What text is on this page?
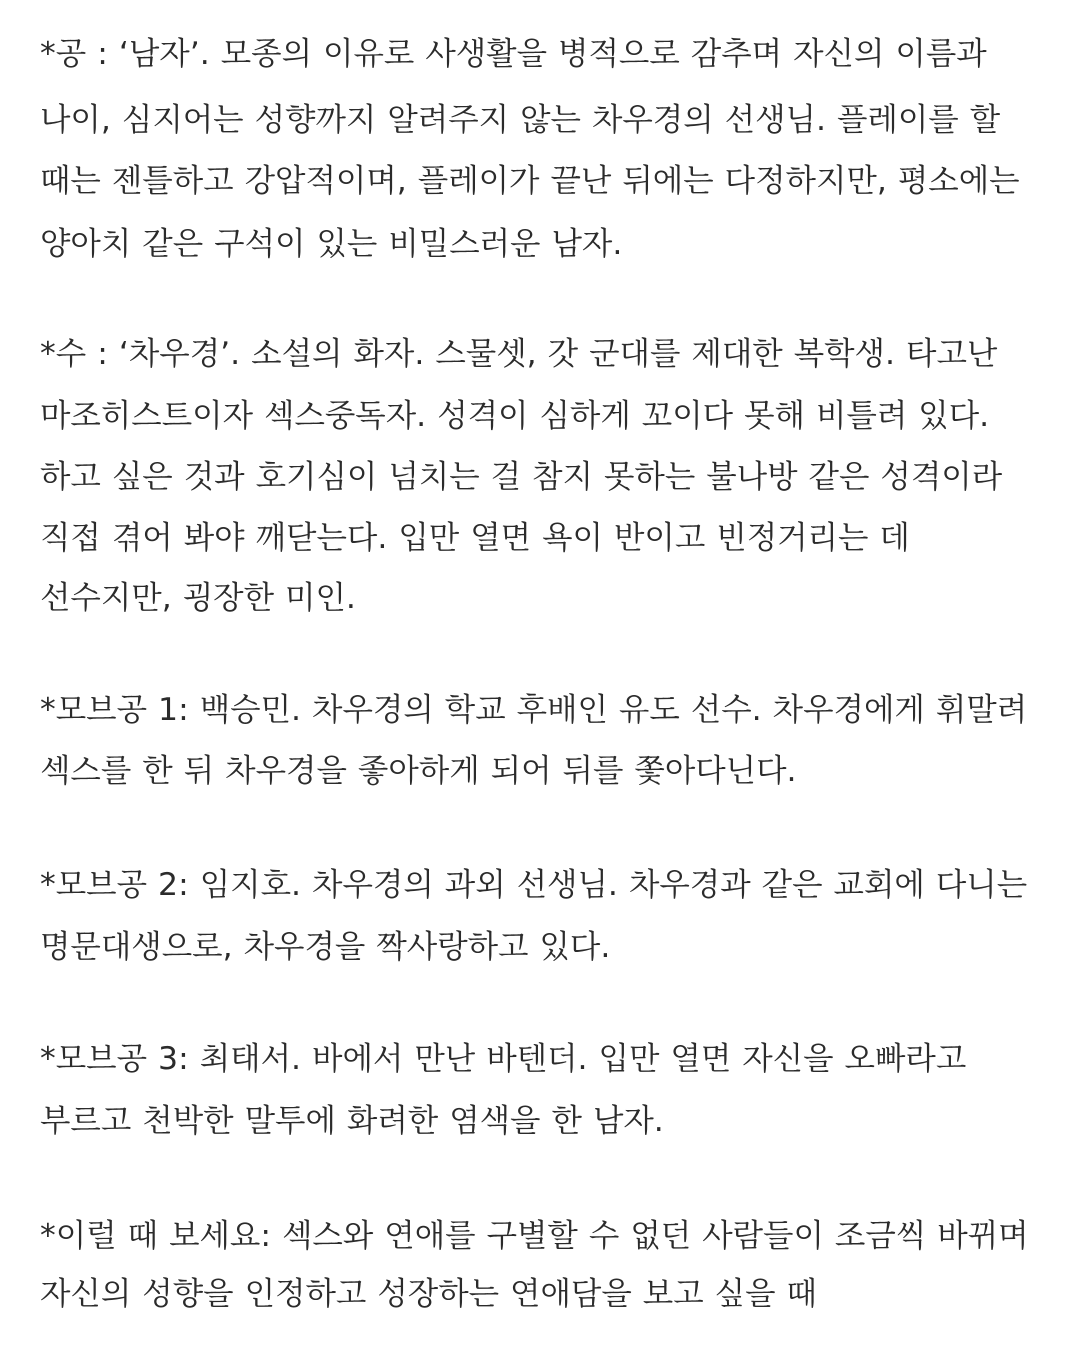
*공 : ‘남자’. 모종의 이유로 사생활을 병적으로 감추며 자신의 이름과
나이, 심지어는 성향까지 알려주지 않는 차우경의 선생님. 플레이를 할
때는 젠틀하고 강압적이며, 플레이가 끝난 뒤에는 다정하지만, 평소에는
양아치 같은 구석이 있는 비밀스러운 남자.
*수 : ‘차우경’. 소설의 화자. 스물셋, 갓 군대를 제대한 복학생. 타고난
마조히스트이자 섹스중독자. 성격이 심하게 꼬이다 못해 비틀려 있다.
하고 싶은 것과 호기심이 넘치는 걸 참지 못하는 불나방 같은 성격이라
직접 겪어 봐야 깨닫는다. 입만 열면 욕이 반이고 빈정거리는 데
선수지만, 굉장한 미인.
*모브공 1: 백승민. 차우경의 학교 후배인 유도 선수. 차우경에게 휘말려
섹스를 한 뒤 차우경을 좋아하게 되어 뒤를 쫓아다닌다.
*모브공 2: 임지호. 차우경의 과외 선생님. 차우경과 같은 교회에 다니는
명문대생으로, 차우경을 짝사랑하고 있다.
*모브공 3: 최태서. 바에서 만난 바텐더. 입만 열면 자신을 오빠라고
부르고 천박한 말투에 화려한 염색을 한 남자.
*이럴 때 보세요: 섹스와 연애를 구별할 수 없던 사람들이 조금씩 바뀌며
자신의 성향을 인정하고 성장하는 연애담을 보고 싶을 때
